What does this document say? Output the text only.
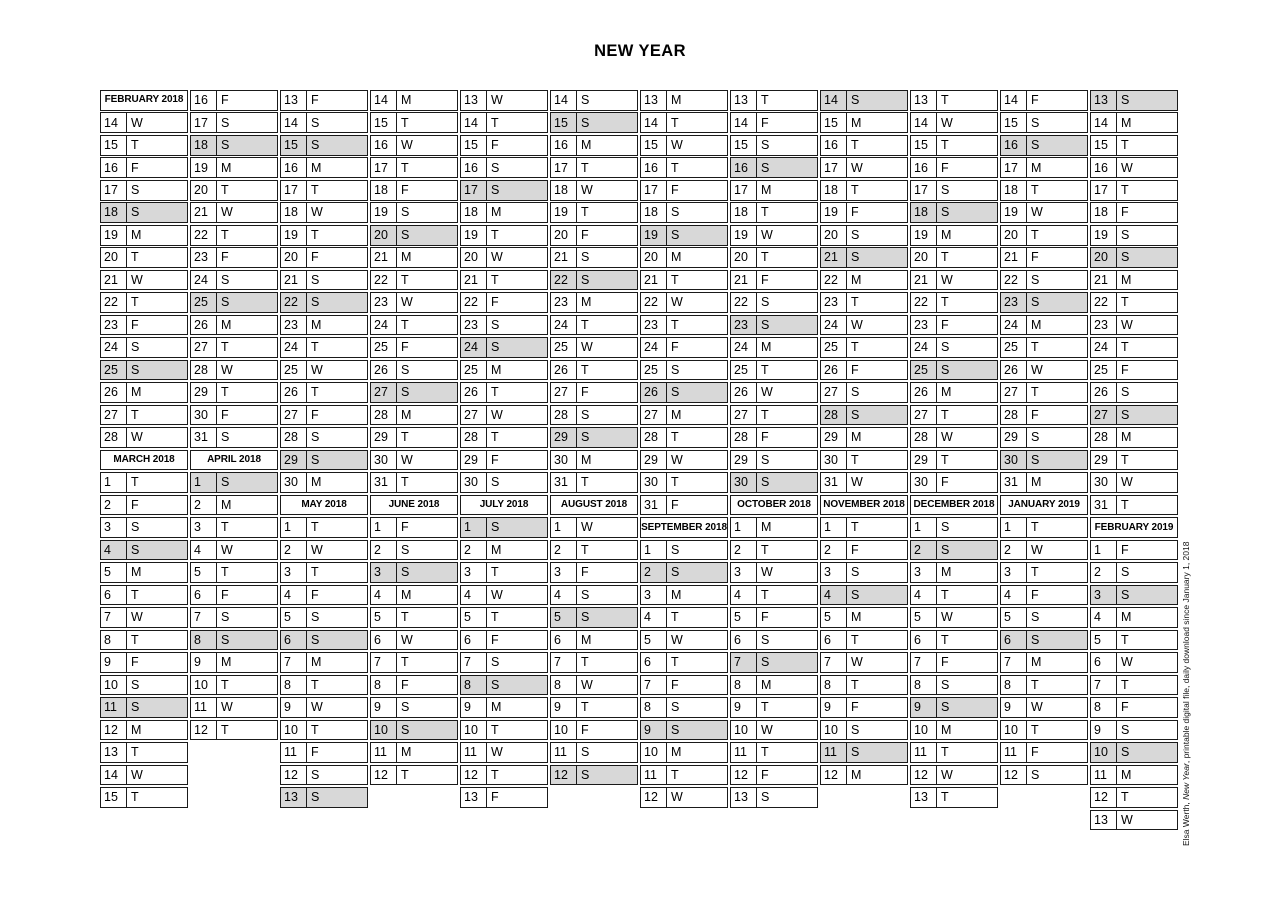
NEW YEAR
FEBRUARY 2018
14	W
15	T
16	F
17	S
18	S
19	M
20	T
21	W
22	T
23	F
24	S
25	S
26	M
27	T
28	W
MARCH 2018
1	T
2	F
3	S
4	S
5	M
6	T
7	W
8	T
9	F
10	S
11	S
12	M
13	T
14	W
15	T
16	F
17	S
18	S
19	M
20	T
21	W
22	T
23	F
24	S
25	S
26	M
27	T
28	W
29	T
30	F
31	S
APRIL 2018
1	S
2	M
3	T
4	W
5	T
6	F
7	S
8	S
9	M
10	T
11	W
12	T
13	F
14	S
15	S
16	M
17	T
18	W
19	T
20	F
21	S
22	S
23	M
24	T
25	W
26	T
27	F
28	S
29	S
30	M
MAY 2018
1	T
2	W
3	T
4	F
5	S
6	S
7	M
8	T
9	W
10	T
11	F
12	S
13	S
14	M
15	T
16	W
17	T
18	F
19	S
20	S
21	M
22	T
23	W
24	T
25	F
26	S
27	S
28	M
29	T
30	W
31	T
JUNE 2018
1	F
2	S
3	S
4	M
5	T
6	W
7	T
8	F
9	S
10	S
11	M
12	T
13	W
14	T
15	F
16	S
17	S
18	M
19	T
20	W
21	T
22	F
23	S
24	S
25	M
26	T
27	W
28	T
29	F
30	S
JULY 2018
1	S
2	M
3	T
4	W
5	T
6	F
7	S
8	S
9	M
10	T
11	W
12	T
13	F
14	S
15	S
16	M
17	T
18	W
19	T
20	F
21	S
22	S
23	M
24	T
25	W
26	T
27	F
28	S
29	S
30	M
31	T
AUGUST 2018
1	W
2	T
3	F
4	S
5	S
6	M
7	T
8	W
9	T
10	F
11	S
12	S
13	M
14	T
15	W
16	T
17	F
18	S
19	S
20	M
21	T
22	W
23	T
24	F
25	S
26	S
27	M
28	T
29	W
30	T
31	F
SEPTEMBER 2018
1	S
2	S
3	M
4	T
5	W
6	T
7	F
8	S
9	S
10	M
11	T
12	W
13	T
14	F
15	S
16	S
17	M
18	T
19	W
20	T
21	F
22	S
23	S
24	M
25	T
26	W
27	T
28	F
29	S
30	S
OCTOBER 2018
1	M
2	T
3	W
4	T
5	F
6	S
7	S
8	M
9	T
10	W
11	T
12	F
13	S
14	S
15	M
16	T
17	W
18	T
19	F
20	S
21	S
22	M
23	T
24	W
25	T
26	F
27	S
28	S
29	M
30	T
31	W
NOVEMBER 2018
1	T
2	F
3	S
4	S
5	M
6	T
7	W
8	T
9	F
10	S
11	S
12	M
13	T
14	W
15	T
16	F
17	S
18	S
19	M
20	T
21	W
22	T
23	F
24	S
25	S
26	M
27	T
28	W
29	T
30	F
DECEMBER 2018
1	S
2	S
3	M
4	T
5	W
6	T
7	F
8	S
9	S
10	M
11	T
12	W
13	T
14	F
15	S
16	S
17	M
18	T
19	W
20	T
21	F
22	S
23	S
24	M
25	T
26	W
27	T
28	F
29	S
30	S
31	M
JANUARY 2019
1	T
2	W
3	T
4	F
5	S
6	S
7	M
8	T
9	W
10	T
11	F
12	S
13	S
14	M
15	T
16	W
17	T
18	F
19	S
20	S
21	M
22	T
23	W
24	T
25	F
26	S
27	S
28	M
29	T
30	W
31	T
FEBRUARY 2019
1	F
2	S
3	S
4	M
5	T
6	W
7	T
8	F
9	S
10	S
11	M
12	T
13	W	Elsa Werth, New Year, printable digital file, daily download since January 1, 2018
